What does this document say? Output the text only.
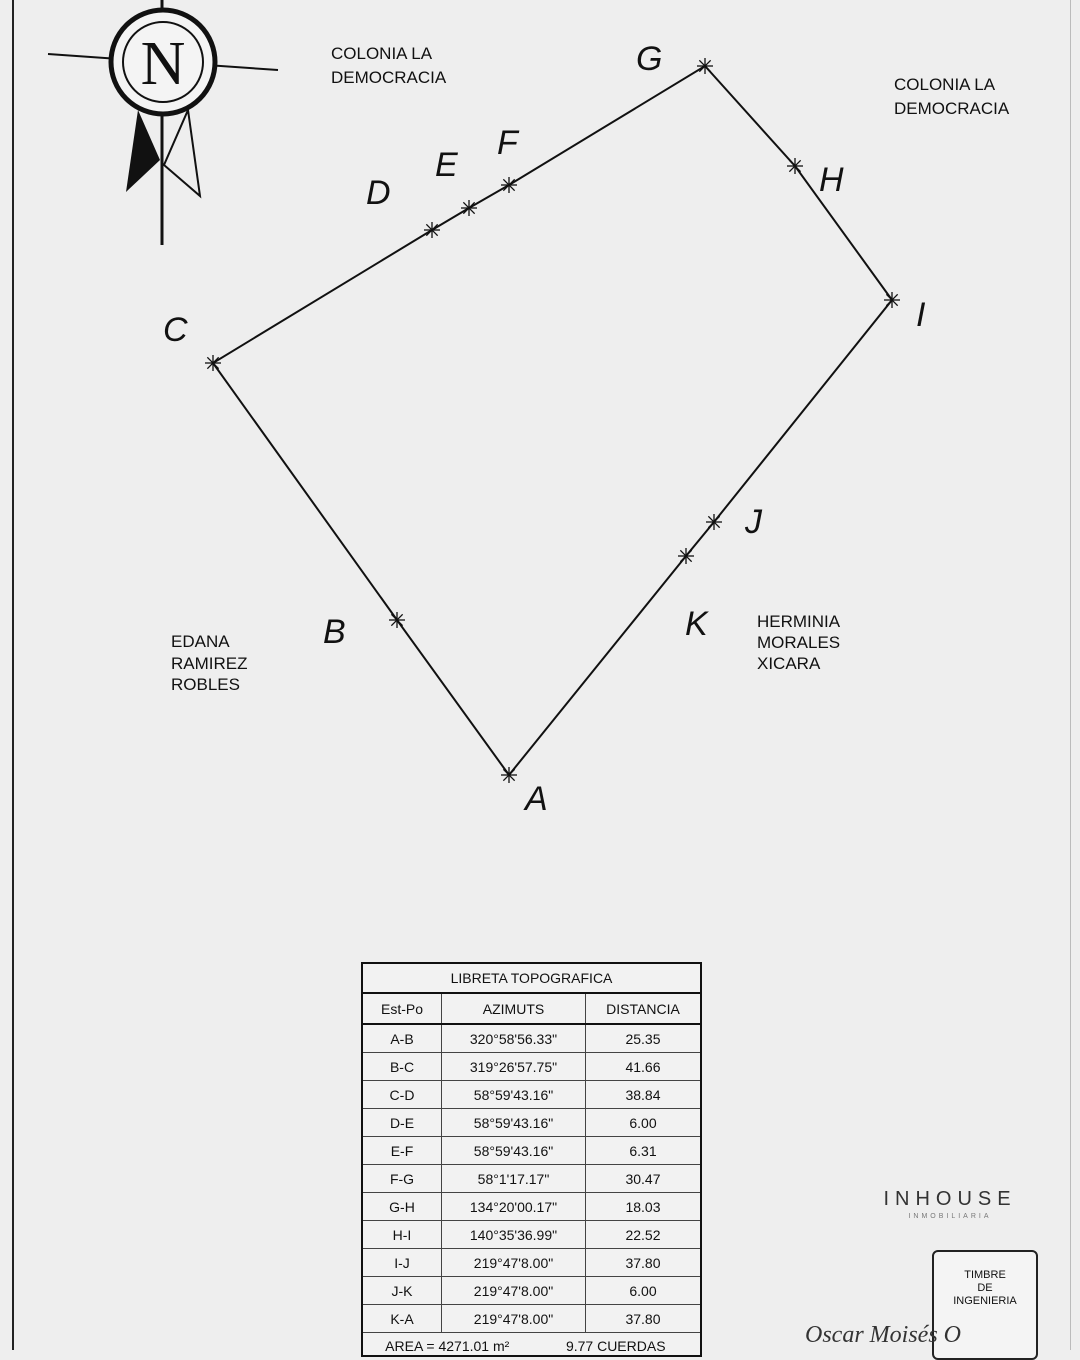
N
A
B
C
D
E
F
G
H
I
J
K
COLONIA LA
DEMOCRACIA	COLONIA LA
DEMOCRACIA
EDANA
RAMIREZ
ROBLES
HERMINIA
MORALES
XICARA
LIBRETA TOPOGRAFICA
Est-Po	AZIMUTS	DISTANCIA
A-B	320°58'56.33"	25.35
B-C	319°26'57.75"	41.66
C-D	58°59'43.16"	38.84
D-E	58°59'43.16"	6.00
E-F	58°59'43.16"	6.31
F-G	58°1'17.17"	30.47
G-H	134°20'00.17"	18.03
H-I	140°35'36.99"	22.52
I-J	219°47'8.00"	37.80
J-K	219°47'8.00"	6.00
K-A	219°47'8.00"	37.80
AREA = 4271.01 m²	9.77 CUERDAS
INHOUSE
INMOBILIARIA
TIMBRE
DE
INGENIERIA
Oscar Moisés O
